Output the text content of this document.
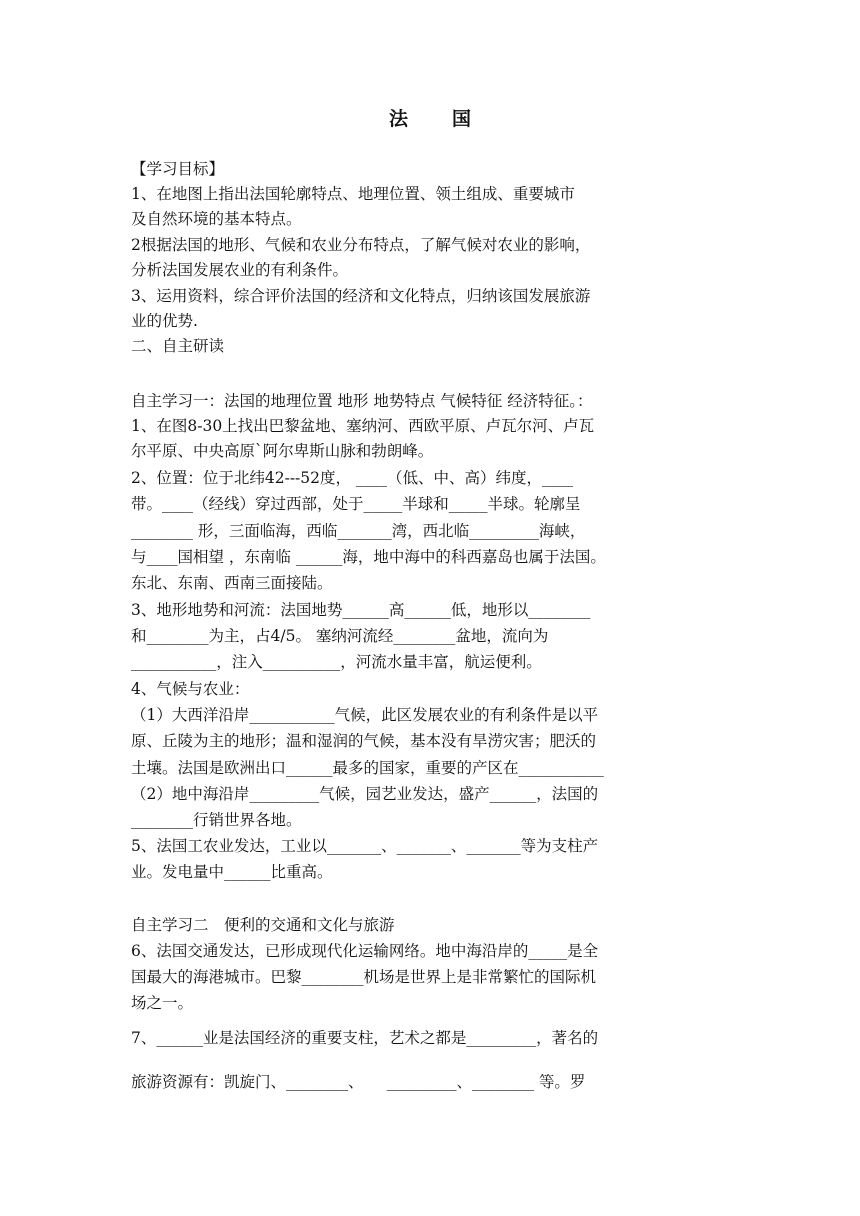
法 国
【学习目标】
1、在地图上指出法国轮廓特点、地理位置、领土组成、重要城市
及自然环境的基本特点。
2根据法国的地形、气候和农业分布特点，了解气候对农业的影响，
分析法国发展农业的有利条件。
3、运用资料，综合评价法国的经济和文化特点，归纳该国发展旅游
业的优势.
二、自主研读
自主学习一：法国的地理位置 地形 地势特点 气候特征 经济特征。：
1、在图8-30上找出巴黎盆地、塞纳河、西欧平原、卢瓦尔河、卢瓦
尔平原、中央高原`阿尔卑斯山脉和勃朗峰。
2、位置：位于北纬42---52度， ____（低、中、高）纬度，____
带。____（经线）穿过西部，处于_____半球和_____半球。轮廓呈
________ 形，三面临海，西临_______湾，西北临_________海峡，
与____国相望 ，东南临 ______海，地中海中的科西嘉岛也属于法国。
东北、东南、西南三面接陆。
3、地形地势和河流：法国地势______高______低，地形以________
和________为主，占4/5。 塞纳河流经________盆地，流向为
___________，注入__________，河流水量丰富，航运便利。
4、气候与农业：
（1）大西洋沿岸___________气候，此区发展农业的有利条件是以平
原、丘陵为主的地形；温和湿润的气候，基本没有旱涝灾害；肥沃的
土壤。法国是欧洲出口______最多的国家，重要的产区在___________
（2）地中海沿岸_________气候，园艺业发达，盛产______，法国的
________行销世界各地。
5、法国工农业发达，工业以_______、_______、_______等为支柱产
业。发电量中______比重高。
自主学习二　便利的交通和文化与旅游
6、法国交通发达，已形成现代化运输网络。地中海沿岸的_____是全
国最大的海港城市。巴黎________机场是世界上是非常繁忙的国际机
场之一。
7、______业是法国经济的重要支柱，艺术之都是_________，著名的
旅游资源有：凯旋门、________、　　_________、________ 等。罗
